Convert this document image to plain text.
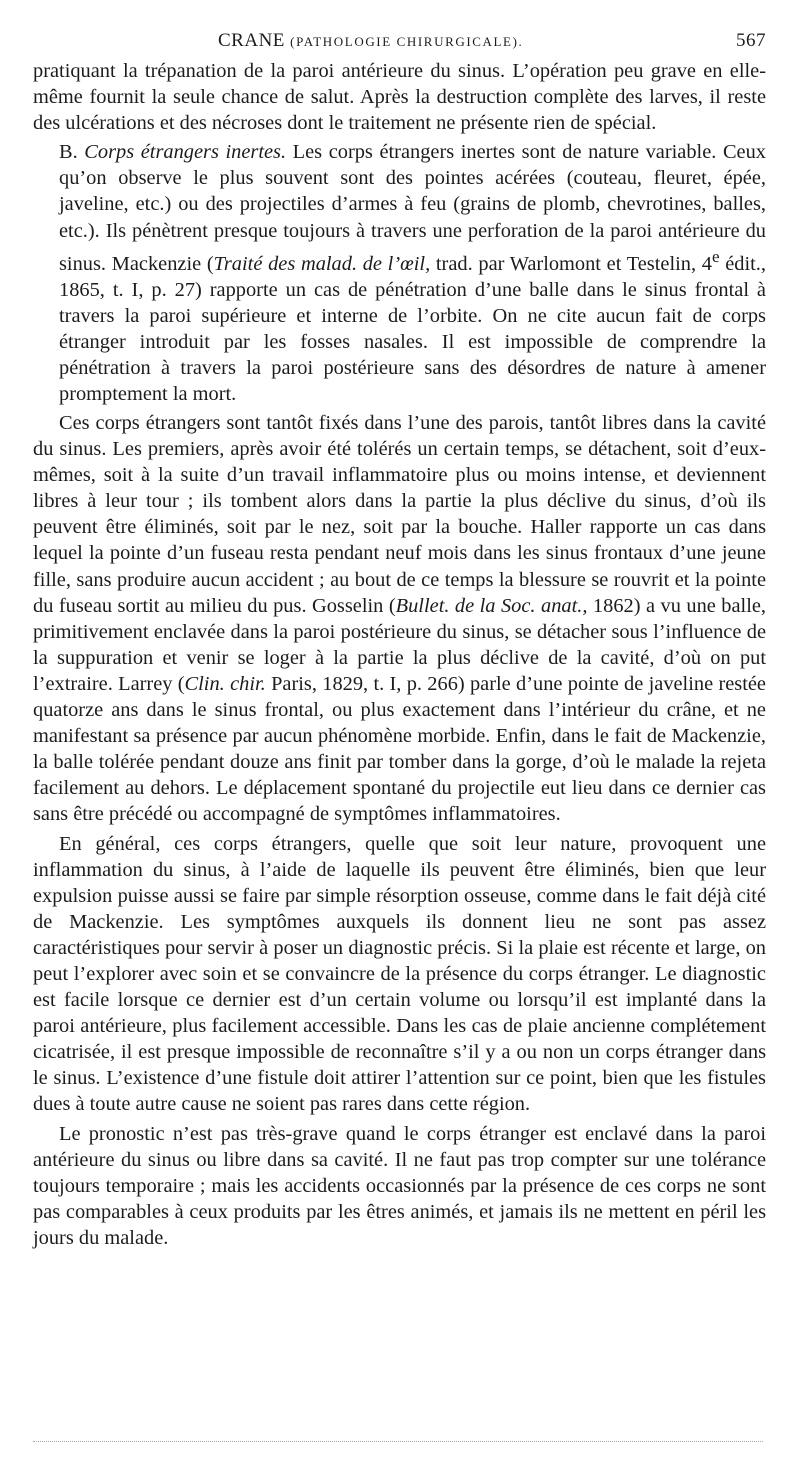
CRANE (PATHOLOGIE CHIRURGICALE).	567

pratiquant la trépanation de la paroi antérieure du sinus. L’opération peu grave en elle-même fournit la seule chance de salut. Après la destruction complète des larves, il reste des ulcérations et des nécroses dont le traitement ne présente rien de spécial.

B. Corps étrangers inertes. Les corps étrangers inertes sont de nature variable. Ceux qu’on observe le plus souvent sont des pointes acérées (couteau, fleuret, épée, javeline, etc.) ou des projectiles d’armes à feu (grains de plomb, chevrotines, balles, etc.). Ils pénètrent presque toujours à travers une perforation de la paroi antérieure du sinus. Mackenzie (Traité des malad. de l’œil, trad. par Warlomont et Testelin, 4e édit., 1865, t. I, p. 27) rapporte un cas de pénétration d’une balle dans le sinus frontal à travers la paroi supérieure et interne de l’orbite. On ne cite aucun fait de corps étranger introduit par les fosses nasales. Il est impossible de comprendre la pénétration à travers la paroi postérieure sans des désordres de nature à amener promptement la mort.

Ces corps étrangers sont tantôt fixés dans l’une des parois, tantôt libres dans la cavité du sinus. Les premiers, après avoir été tolérés un certain temps, se détachent, soit d’eux-mêmes, soit à la suite d’un travail inflammatoire plus ou moins intense, et deviennent libres à leur tour ; ils tombent alors dans la partie la plus déclive du sinus, d’où ils peuvent être éliminés, soit par le nez, soit par la bouche. Haller rapporte un cas dans lequel la pointe d’un fuseau resta pendant neuf mois dans les sinus frontaux d’une jeune fille, sans produire aucun accident ; au bout de ce temps la blessure se rouvrit et la pointe du fuseau sortit au milieu du pus. Gosselin (Bullet. de la Soc. anat., 1862) a vu une balle, primitivement enclavée dans la paroi postérieure du sinus, se détacher sous l’influence de la suppuration et venir se loger à la partie la plus déclive de la cavité, d’où on put l’extraire. Larrey (Clin. chir. Paris, 1829, t. I, p. 266) parle d’une pointe de javeline restée quatorze ans dans le sinus frontal, ou plus exactement dans l’intérieur du crâne, et ne manifestant sa présence par aucun phénomène morbide. Enfin, dans le fait de Mackenzie, la balle tolérée pendant douze ans finit par tomber dans la gorge, d’où le malade la rejeta facilement au dehors. Le déplacement spontané du projectile eut lieu dans ce dernier cas sans être précédé ou accompagné de symptômes inflammatoires.

En général, ces corps étrangers, quelle que soit leur nature, provoquent une inflammation du sinus, à l’aide de laquelle ils peuvent être éliminés, bien que leur expulsion puisse aussi se faire par simple résorption osseuse, comme dans le fait déjà cité de Mackenzie. Les symptômes auxquels ils donnent lieu ne sont pas assez caractéristiques pour servir à poser un diagnostic précis. Si la plaie est récente et large, on peut l’explorer avec soin et se convaincre de la présence du corps étranger. Le diagnostic est facile lorsque ce dernier est d’un certain volume ou lorsqu’il est implanté dans la paroi antérieure, plus facilement accessible. Dans les cas de plaie ancienne complétement cicatrisée, il est presque impossible de reconnaître s’il y a ou non un corps étranger dans le sinus. L’existence d’une fistule doit attirer l’attention sur ce point, bien que les fistules dues à toute autre cause ne soient pas rares dans cette région.

Le pronostic n’est pas très-grave quand le corps étranger est enclavé dans la paroi antérieure du sinus ou libre dans sa cavité. Il ne faut pas trop compter sur une tolérance toujours temporaire ; mais les accidents occasionnés par la présence de ces corps ne sont pas comparables à ceux produits par les êtres animés, et jamais ils ne mettent en péril les jours du malade.
